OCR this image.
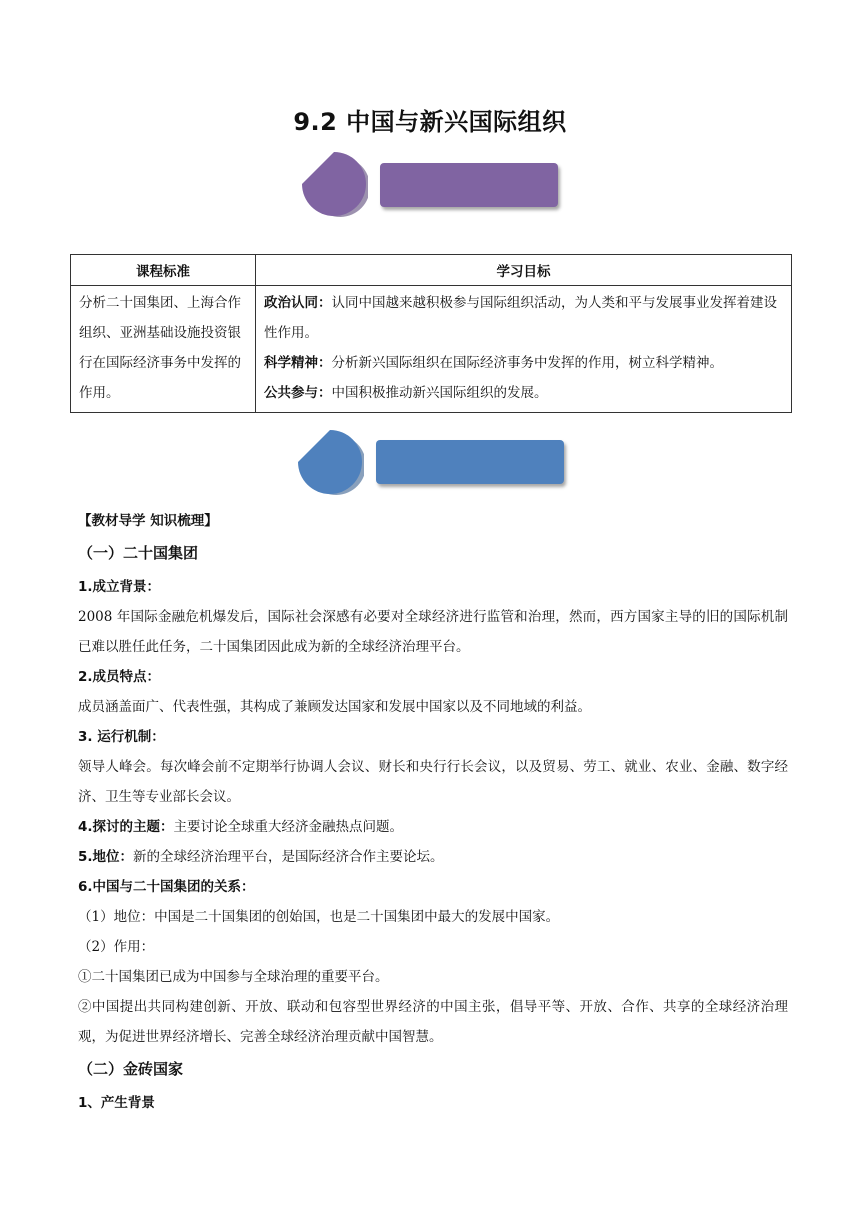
9.2 中国与新兴国际组织
课程标准	学习目标
分析二十国集团、上海合作组织、亚洲基础设施投资银行在国际经济事务中发挥的作用。	政治认同：认同中国越来越积极参与国际组织活动，为人类和平与发展事业发挥着建设性作用。
科学精神：分析新兴国际组织在国际经济事务中发挥的作用，树立科学精神。
公共参与：中国积极推动新兴国际组织的发展。

【教材导学 知识梳理】

（一）二十国集团

1.成立背景：

2008 年国际金融危机爆发后，国际社会深感有必要对全球经济进行监管和治理，然而，西方国家主导的旧的国际机制已难以胜任此任务，二十国集团因此成为新的全球经济治理平台。

2.成员特点：

成员涵盖面广、代表性强，其构成了兼顾发达国家和发展中国家以及不同地域的利益。

3. 运行机制：

领导人峰会。每次峰会前不定期举行协调人会议、财长和央行行长会议，以及贸易、劳工、就业、农业、金融、数字经济、卫生等专业部长会议。

4.探讨的主题：主要讨论全球重大经济金融热点问题。

5.地位：新的全球经济治理平台，是国际经济合作主要论坛。

6.中国与二十国集团的关系：

（1）地位：中国是二十国集团的创始国，也是二十国集团中最大的发展中国家。

（2）作用：

①二十国集团已成为中国参与全球治理的重要平台。

②中国提出共同构建创新、开放、联动和包容型世界经济的中国主张，倡导平等、开放、合作、共享的全球经济治理观，为促进世界经济增长、完善全球经济治理贡献中国智慧。

（二）金砖国家

1、产生背景
